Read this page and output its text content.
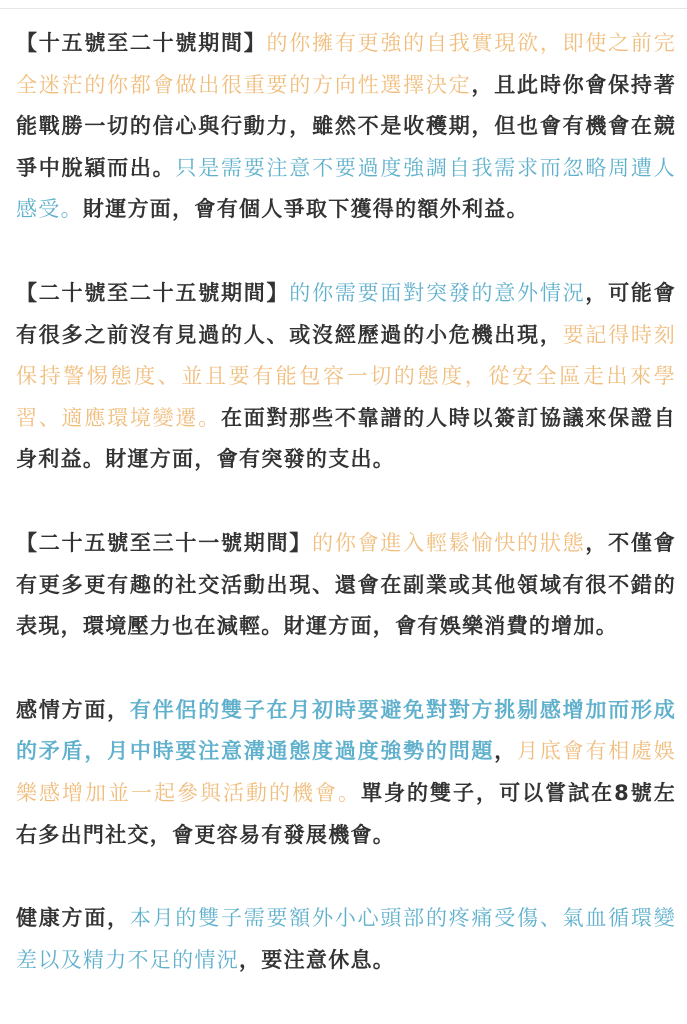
【十五號至二十號期間】的你擁有更強的自我實現欲，即使之前完全迷茫的你都會做出很重要的方向性選擇決定，且此時你會保持著能戰勝一切的信心與行動力，雖然不是收穫期，但也會有機會在競爭中脫穎而出。只是需要注意不要過度強調自我需求而忽略周遭人感受。財運方面，會有個人爭取下獲得的額外利益。

【二十號至二十五號期間】的你需要面對突發的意外情況，可能會有很多之前沒有見過的人、或沒經歷過的小危機出現，要記得時刻保持警惕態度、並且要有能包容一切的態度，從安全區走出來學習、適應環境變遷。在面對那些不靠譜的人時以簽訂協議來保證自身利益。財運方面，會有突發的支出。

【二十五號至三十一號期間】的你會進入輕鬆愉快的狀態，不僅會有更多更有趣的社交活動出現、還會在副業或其他領域有很不錯的表現，環境壓力也在減輕。財運方面，會有娛樂消費的增加。

感情方面，有伴侶的雙子在月初時要避免對對方挑剔感增加而形成的矛盾，月中時要注意溝通態度過度強勢的問題，月底會有相處娛樂感增加並一起參與活動的機會。單身的雙子，可以嘗試在8號左右多出門社交，會更容易有發展機會。

健康方面，本月的雙子需要額外小心頭部的疼痛受傷、氣血循環變差以及精力不足的情況，要注意休息。
